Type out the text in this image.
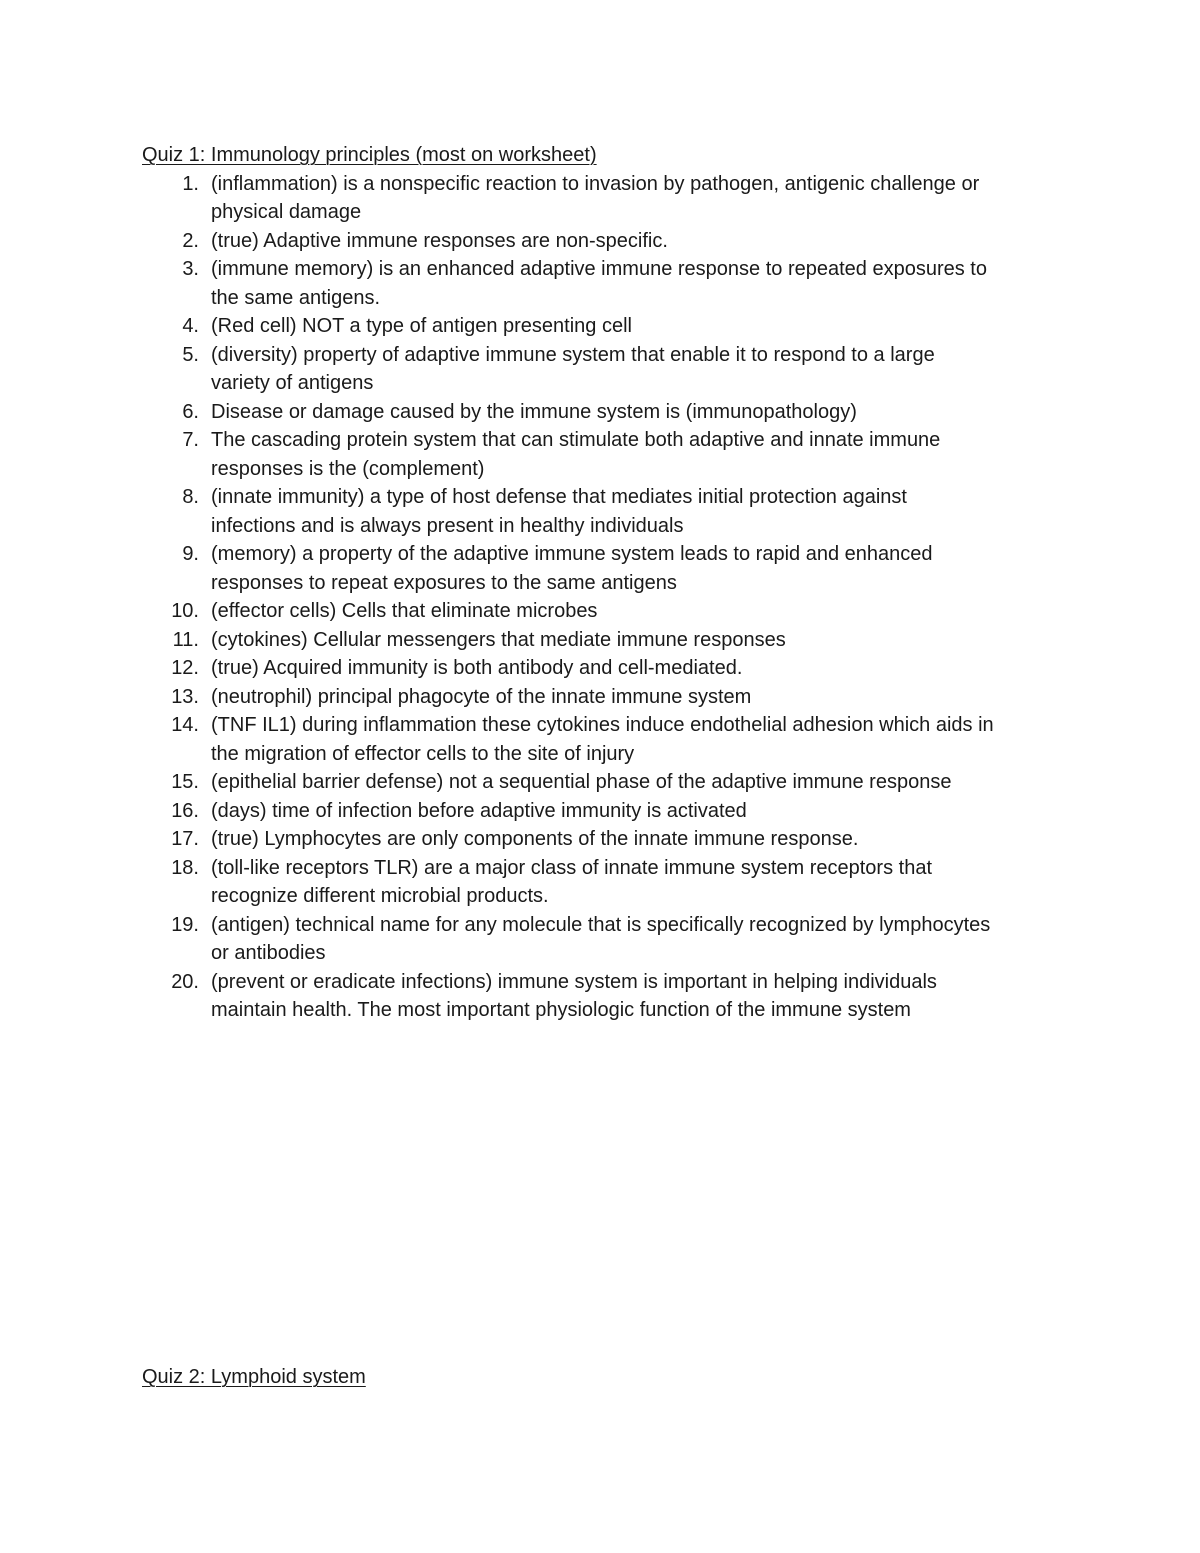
Quiz 1: Immunology principles (most on worksheet)
1. (inflammation) is a nonspecific reaction to invasion by pathogen, antigenic challenge or
physical damage
2. (true) Adaptive immune responses are non-specific.
3. (immune memory) is an enhanced adaptive immune response to repeated exposures to
the same antigens.
4. (Red cell) NOT a type of antigen presenting cell
5. (diversity) property of adaptive immune system that enable it to respond to a large
variety of antigens
6. Disease or damage caused by the immune system is (immunopathology)
7. The cascading protein system that can stimulate both adaptive and innate immune
responses is the (complement)
8. (innate immunity) a type of host defense that mediates initial protection against
infections and is always present in healthy individuals
9. (memory) a property of the adaptive immune system leads to rapid and enhanced
responses to repeat exposures to the same antigens
10. (effector cells) Cells that eliminate microbes
11. (cytokines) Cellular messengers that mediate immune responses
12. (true) Acquired immunity is both antibody and cell-mediated.
13. (neutrophil) principal phagocyte of the innate immune system
14. (TNF IL1) during inflammation these cytokines induce endothelial adhesion which aids in
the migration of effector cells to the site of injury
15. (epithelial barrier defense) not a sequential phase of the adaptive immune response
16. (days) time of infection before adaptive immunity is activated
17. (true) Lymphocytes are only components of the innate immune response.
18. (toll-like receptors TLR) are a major class of innate immune system receptors that
recognize different microbial products.
19. (antigen) technical name for any molecule that is specifically recognized by lymphocytes
or antibodies
20. (prevent or eradicate infections) immune system is important in helping individuals
maintain health. The most important physiologic function of the immune system
Quiz 2: Lymphoid system
